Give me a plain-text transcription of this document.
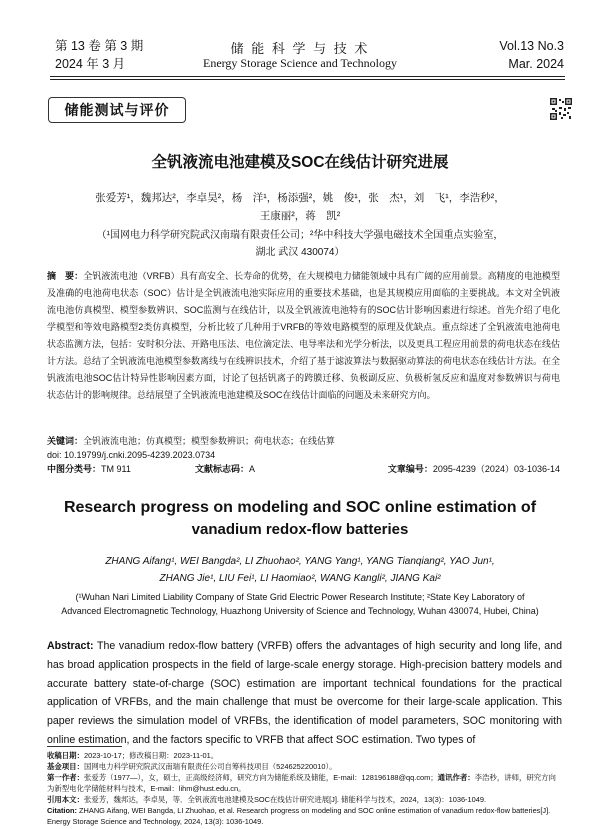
第 13 卷 第 3 期
2024 年 3 月
储 能 科 学 与 技 术
Energy Storage Science and Technology
Vol.13 No.3
Mar. 2024
储能测试与评价
全钒液流电池建模及SOC在线估计研究进展
张爱芳¹，魏邦达²，李卓昊²，杨　洋¹，杨添强²，姚　俊¹，张　杰¹，刘　飞¹，李浩秒²，
王康丽²，蒋　凯²
（¹国网电力科学研究院武汉南瑞有限责任公司；²华中科技大学强电磁技术全国重点实验室，
湖北 武汉 430074）
摘　要：全钒液流电池（VRFB）具有高安全、长寿命的优势，在大规模电力储能领域中具有广阔的应用前景。高精度的电池模型及准确的电池荷电状态（SOC）估计是全钒液流电池实际应用的重要技术基础，也是其规模应用面临的主要挑战。本文对全钒液流电池仿真模型、模型参数辨识、SOC监测与在线估计，以及全钒液流电池特有的SOC估计影响因素进行综述。首先介绍了电化学模型和等效电路模型2类仿真模型，分析比较了几种用于VRFB的等效电路模型的原理及优缺点。重点综述了全钒液流电池荷电状态监测方法，包括：安时积分法、开路电压法、电位滴定法、电导率法和光学分析法，以及更具工程应用前景的荷电状态在线估计方法。总结了全钒液流电池模型参数离线与在线辨识技术，介绍了基于滤波算法与数据驱动算法的荷电状态在线估计方法。在全钒液流电池SOC估计特异性影响因素方面，讨论了包括钒离子的跨膜迁移、负极副反应、负极析氢反应和温度对参数辨识与荷电状态估计的影响规律。总结展望了全钒液流电池建模及SOC在线估计面临的问题及未来研究方向。
关键词：全钒液流电池；仿真模型；模型参数辨识；荷电状态；在线估算
doi: 10.19799/j.cnki.2095-4239.2023.0734
中图分类号：TM 911	文献标志码：A	文章编号：2095-4239（2024）03-1036-14
Research progress on modeling and SOC online estimation of
vanadium redox-flow batteries
ZHANG Aifang¹, WEI Bangda², LI Zhuohao², YANG Yang¹, YANG Tianqiang², YAO Jun¹,
ZHANG Jie¹, LIU Fei¹, LI Haomiao², WANG Kangli², JIANG Kai²
(¹Wuhan Nari Limited Liability Company of State Grid Electric Power Research Institute; ²State Key Laboratory of
Advanced Electromagnetic Technology, Huazhong University of Science and Technology, Wuhan 430074, Hubei, China)
Abstract: The vanadium redox-flow battery (VRFB) offers the advantages of high security and long life, and has broad application prospects in the field of large-scale energy storage. High-precision battery models and accurate battery state-of-charge (SOC) estimation are important technical foundations for the practical application of VRFBs, and the main challenge that must be overcome for their large-scale application. This paper reviews the simulation model of VRFBs, the identification of model parameters, SOC monitoring with online estimation, and the factors specific to VRFB that affect SOC estimation. Two types of
收稿日期：2023-10-17；修改稿日期：2023-11-01。
基金项目：国网电力科学研究院武汉南瑞有限责任公司自筹科技项目（524625220010）。
第一作者：张爱芳（1977—），女，硕士，正高级经济师，研究方向为储能系统及储能，E-mail：128196188@qq.com；通讯作者：李浩秒，讲师，研究方向为新型电化学储能材料与技术，E-mail：lihm@hust.edu.cn。
引用本文：张爱芳，魏邦达，李卓昊，等．全钒液流电池建模及SOC在线估计研究进展[J]. 储能科学与技术，2024，13(3)：1036-1049.
Citation: ZHANG Aifang, WEI Bangda, LI Zhuohao, et al. Research progress on modeling and SOC online estimation of vanadium redox-flow batteries[J]. Energy Storage Science and Technology, 2024, 13(3): 1036-1049.
